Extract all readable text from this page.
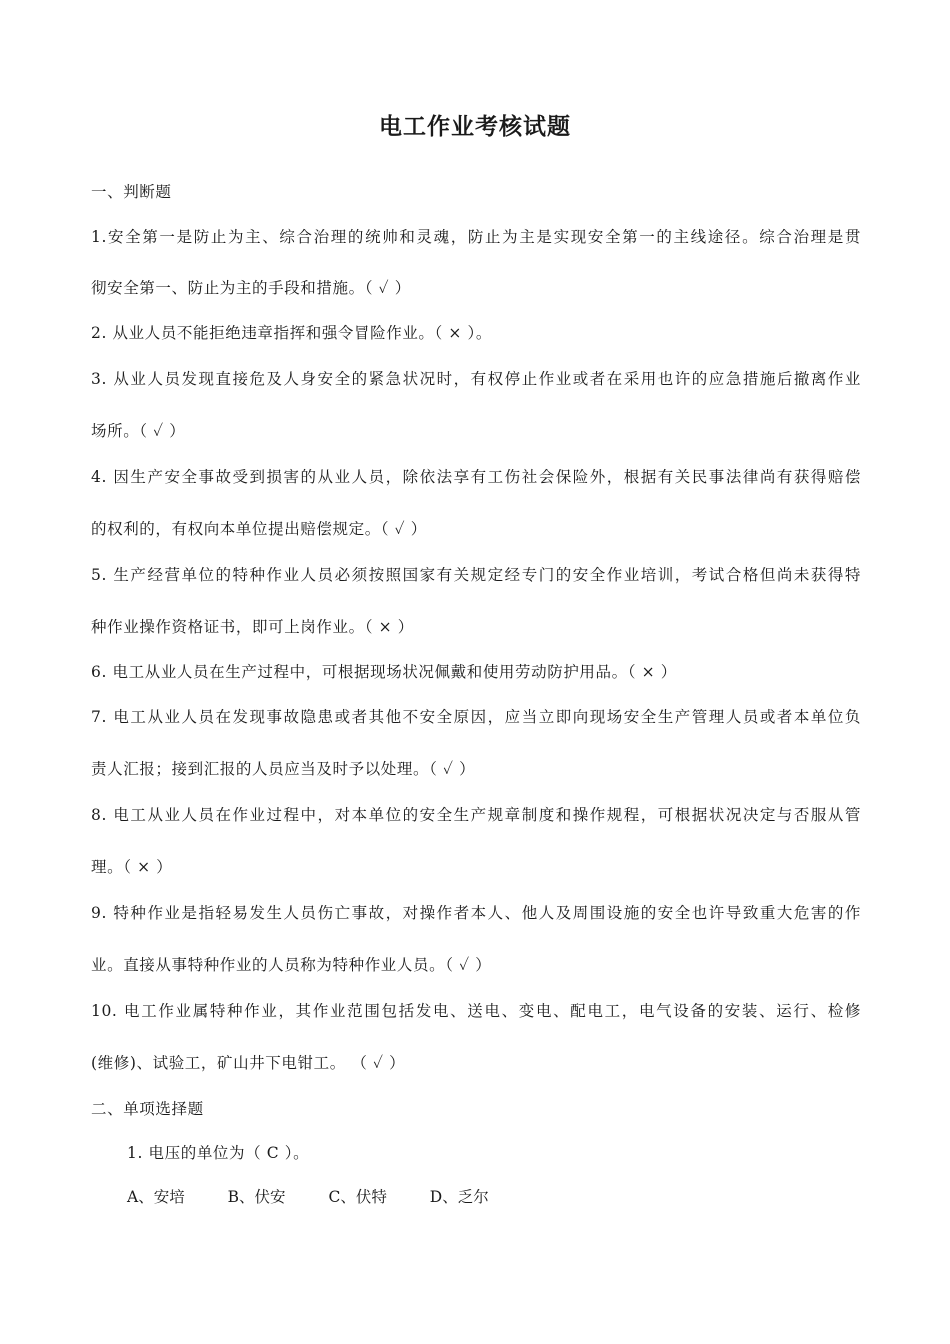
电工作业考核试题
一、判断题
1.安全第一是防止为主、综合治理的统帅和灵魂，防止为主是实现安全第一的主线途径。综合治理是贯
彻安全第一、防止为主的手段和措施。（ ✓ ）
2. 从业人员不能拒绝违章指挥和强令冒险作业。（ × ）。
3. 从业人员发现直接危及人身安全的紧急状况时，有权停止作业或者在采用也许的应急措施后撤离作业
场所。（ ✓ ）
4. 因生产安全事故受到损害的从业人员，除依法享有工伤社会保险外，根据有关民事法律尚有获得赔偿
的权利的，有权向本单位提出赔偿规定。（ ✓ ）
5. 生产经营单位的特种作业人员必须按照国家有关规定经专门的安全作业培训，考试合格但尚未获得特
种作业操作资格证书，即可上岗作业。（ × ）
6. 电工从业人员在生产过程中，可根据现场状况佩戴和使用劳动防护用品。（ × ）
7. 电工从业人员在发现事故隐患或者其他不安全原因，应当立即向现场安全生产管理人员或者本单位负
责人汇报；接到汇报的人员应当及时予以处理。（ ✓ ）
8. 电工从业人员在作业过程中，对本单位的安全生产规章制度和操作规程，可根据状况决定与否服从管
理。（ × ）
9. 特种作业是指轻易发生人员伤亡事故，对操作者本人、他人及周围设施的安全也许导致重大危害的作
业。直接从事特种作业的人员称为特种作业人员。（ ✓ ）
10. 电工作业属特种作业，其作业范围包括发电、送电、变电、配电工，电气设备的安装、运行、检修
(维修)、试验工，矿山井下电钳工。 （ ✓ ）
二、单项选择题
1. 电压的单位为（ C ）。
A、安培	B、伏安	C、伏特	D、乏尔
